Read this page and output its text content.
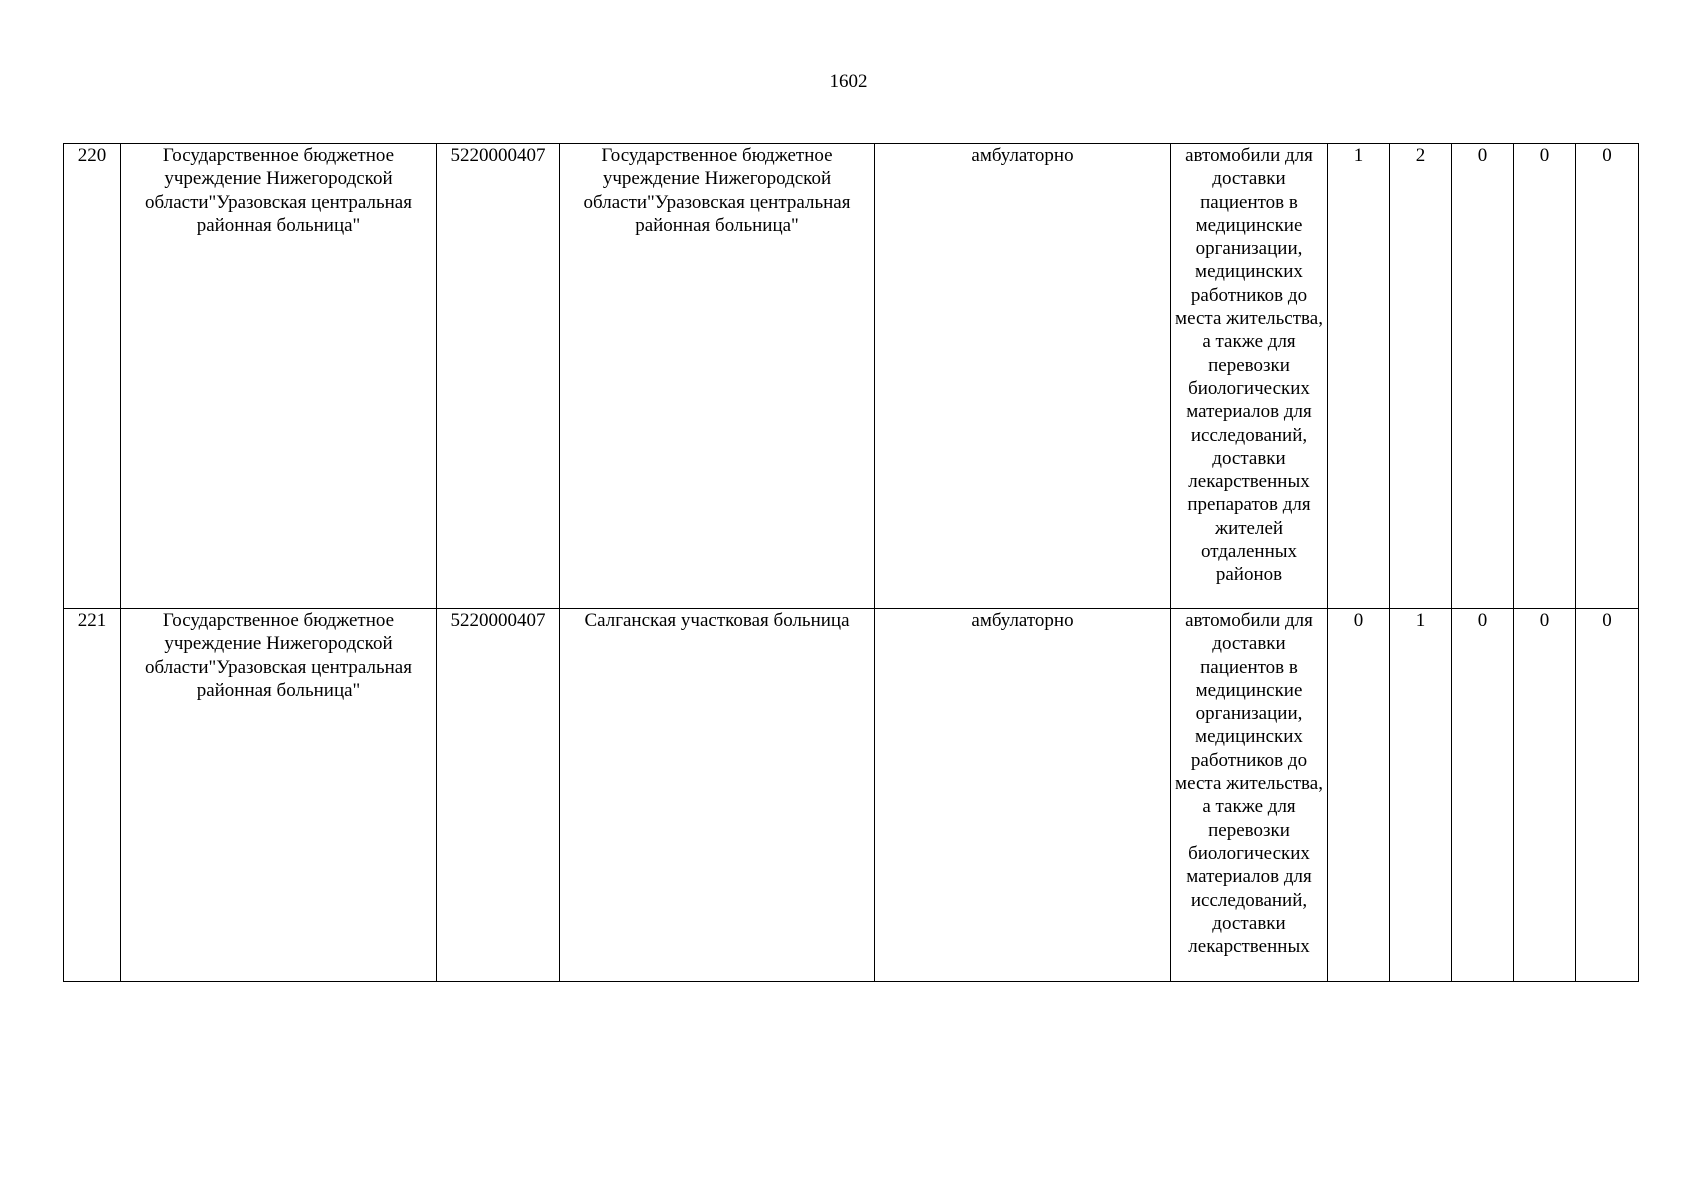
1602
220	Государственное бюджетное учреждение Нижегородской области"Уразовская центральная районная больница"	5220000407	Государственное бюджетное учреждение Нижегородской области"Уразовская центральная районная больница"	амбулаторно	автомобили для доставки пациентов в медицинские организации, медицинских работников до места жительства, а также для перевозки биологических материалов для исследований, доставки лекарственных препаратов для жителей отдаленных районов	1	2	0	0	0
221	Государственное бюджетное учреждение Нижегородской области"Уразовская центральная районная больница"	5220000407	Салганская участковая больница	амбулаторно	автомобили для доставки пациентов в медицинские организации, медицинских работников до места жительства, а также для перевозки биологических материалов для исследований, доставки лекарственных	0	1	0	0	0
